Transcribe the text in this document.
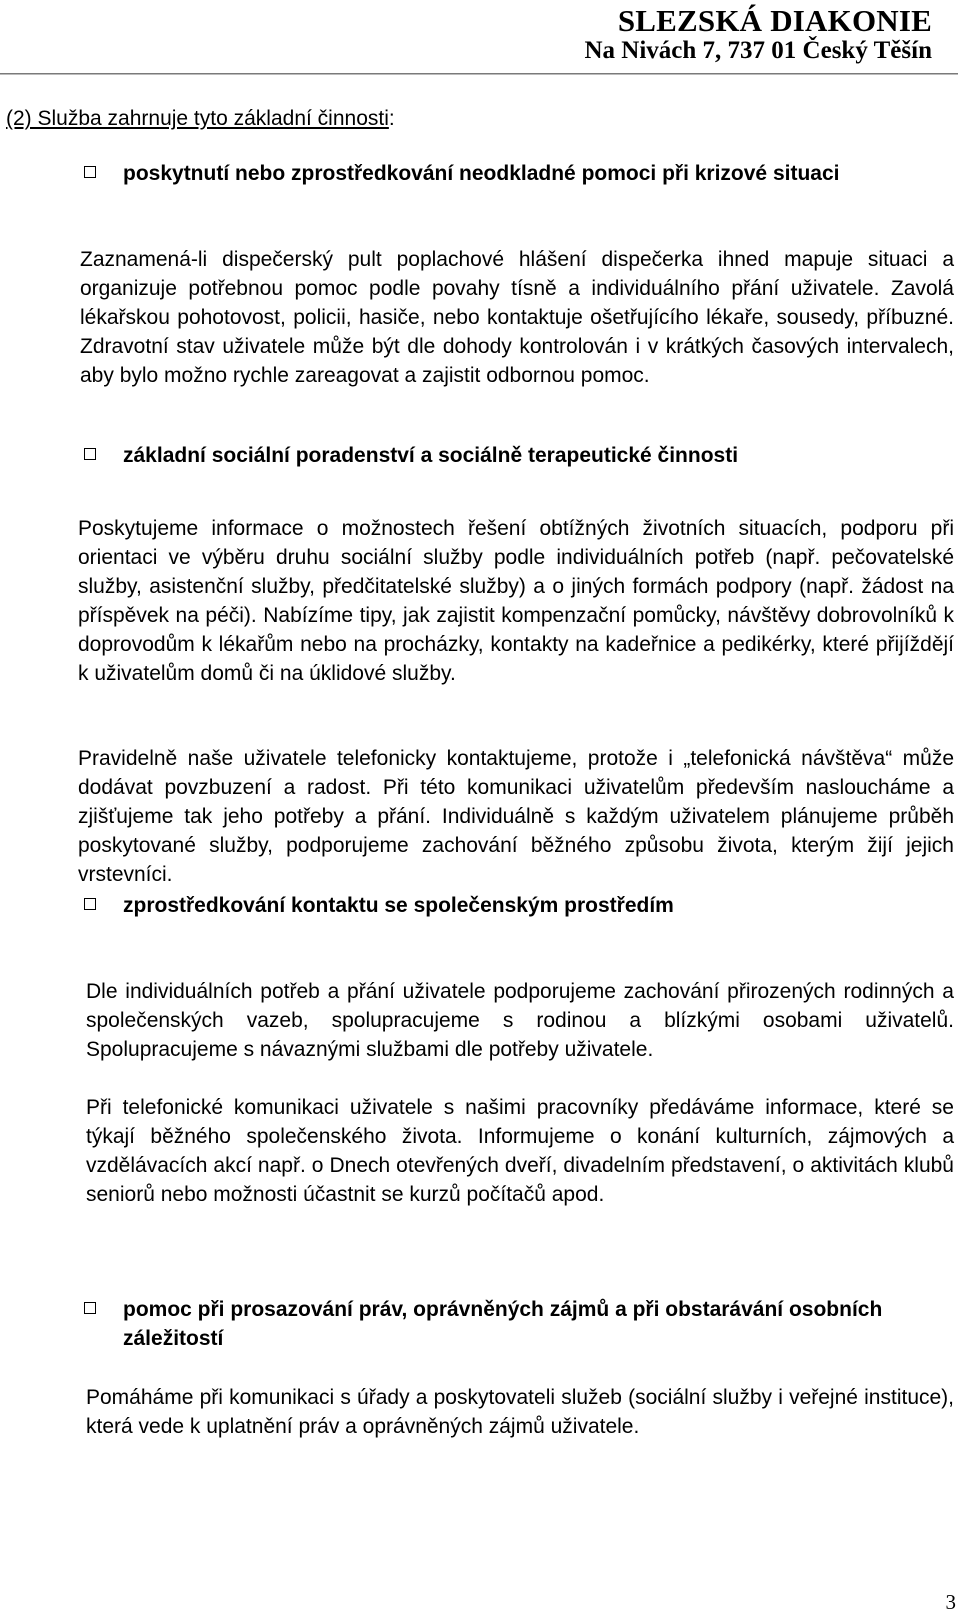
SLEZSKÁ DIAKONIE
Na Nivách 7, 737 01 Český Těšín
(2) Služba zahrnuje tyto základní činnosti:
poskytnutí nebo zprostředkování neodkladné pomoci při krizové situaci
Zaznamená-li dispečerský pult poplachové hlášení dispečerka ihned mapuje situaci a organizuje potřebnou pomoc podle povahy tísně a individuálního přání uživatele. Zavolá lékařskou pohotovost, policii, hasiče, nebo kontaktuje ošetřujícího lékaře, sousedy, příbuzné. Zdravotní stav uživatele může být dle dohody kontrolován i v krátkých časových intervalech, aby bylo možno rychle zareagovat a zajistit odbornou pomoc.
základní sociální poradenství a sociálně terapeutické činnosti
Poskytujeme informace o možnostech řešení obtížných životních situacích, podporu při orientaci ve výběru druhu sociální služby podle individuálních potřeb (např. pečovatelské služby, asistenční služby, předčitatelské služby) a o jiných formách podpory (např. žádost na příspěvek na péči). Nabízíme tipy, jak zajistit kompenzační pomůcky, návštěvy dobrovolníků k doprovodům k lékařům nebo na procházky, kontakty na kadeřnice a pedikérky, které přijíždějí k uživatelům domů či na úklidové služby.
Pravidelně naše uživatele telefonicky kontaktujeme, protože i „telefonická návštěva“ může dodávat povzbuzení a radost. Při této komunikaci uživatelům především nasloucháme a zjišťujeme tak jeho potřeby a přání. Individuálně s každým uživatelem plánujeme průběh poskytované služby, podporujeme zachování běžného způsobu života, kterým žijí jejich vrstevníci.
zprostředkování kontaktu se společenským prostředím
Dle individuálních potřeb a přání uživatele podporujeme zachování přirozených rodinných a společenských vazeb, spolupracujeme s rodinou a blízkými osobami uživatelů. Spolupracujeme s návaznými službami dle potřeby uživatele.
Při telefonické komunikaci uživatele s našimi pracovníky předáváme informace, které se týkají běžného společenského života. Informujeme o konání kulturních, zájmových a vzdělávacích akcí např. o Dnech otevřených dveří, divadelním představení, o aktivitách klubů seniorů nebo možnosti účastnit se kurzů počítačů apod.
pomoc při prosazování práv, oprávněných zájmů a při obstarávání osobních záležitostí
Pomáháme při komunikaci s úřady a poskytovateli služeb (sociální služby i veřejné instituce), která vede k uplatnění práv a oprávněných zájmů uživatele.
3
